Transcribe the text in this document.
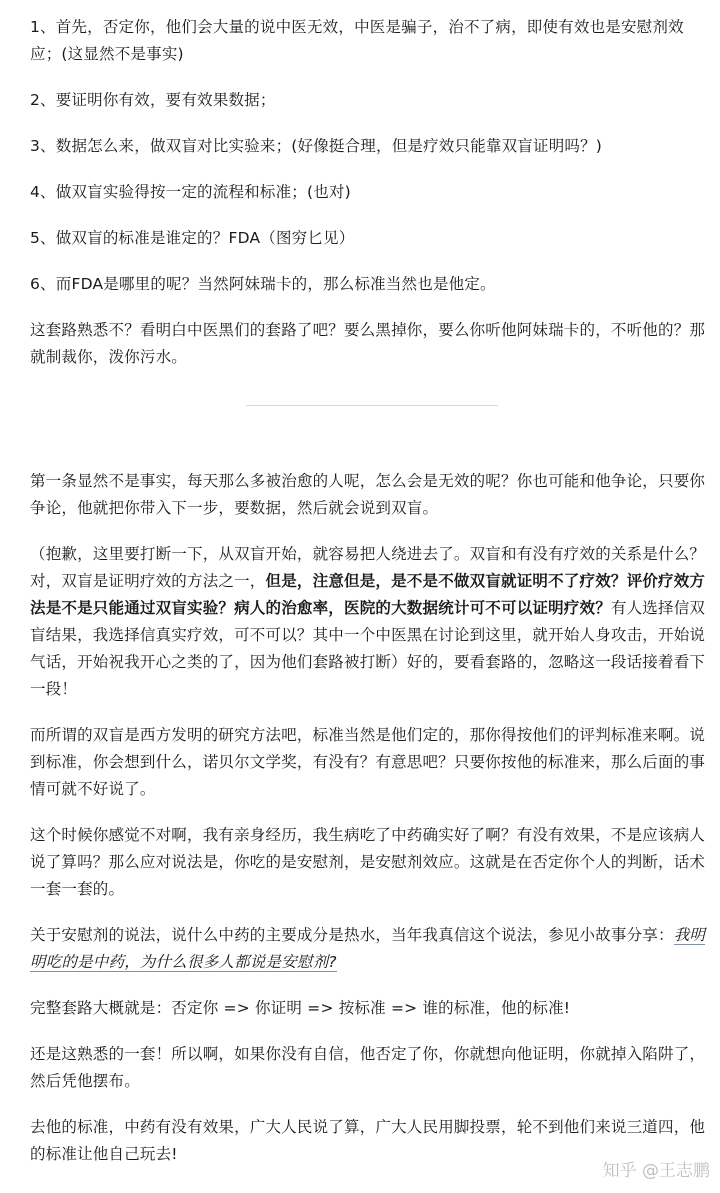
1、首先，否定你，他们会大量的说中医无效，中医是骗子，治不了病，即使有效也是安慰剂效应；(这显然不是事实)

2、要证明你有效，要有效果数据；

3、数据怎么来，做双盲对比实验来；(好像挺合理，但是疗效只能靠双盲证明吗？)

4、做双盲实验得按一定的流程和标准；(也对)

5、做双盲的标准是谁定的？FDA（图穷匕见）

6、而FDA是哪里的呢？当然阿妹瑞卡的，那么标准当然也是他定。

这套路熟悉不？看明白中医黑们的套路了吧？要么黑掉你，要么你听他阿妹瑞卡的，不听他的？那就制裁你，泼你污水。

第一条显然不是事实，每天那么多被治愈的人呢，怎么会是无效的呢？你也可能和他争论，只要你争论，他就把你带入下一步，要数据，然后就会说到双盲。

（抱歉，这里要打断一下，从双盲开始，就容易把人绕进去了。双盲和有没有疗效的关系是什么？对，双盲是证明疗效的方法之一，但是，注意但是，是不是不做双盲就证明不了疗效？评价疗效方法是不是只能通过双盲实验？病人的治愈率，医院的大数据统计可不可以证明疗效？有人选择信双盲结果，我选择信真实疗效，可不可以？其中一个中医黑在讨论到这里，就开始人身攻击，开始说气话，开始祝我开心之类的了，因为他们套路被打断）好的，要看套路的，忽略这一段话接着看下一段！

而所谓的双盲是西方发明的研究方法吧，标准当然是他们定的，那你得按他们的评判标准来啊。说到标准，你会想到什么，诺贝尔文学奖，有没有？有意思吧？只要你按他的标准来，那么后面的事情可就不好说了。

这个时候你感觉不对啊，我有亲身经历，我生病吃了中药确实好了啊？有没有效果，不是应该病人说了算吗？那么应对说法是，你吃的是安慰剂，是安慰剂效应。这就是在否定你个人的判断，话术一套一套的。

关于安慰剂的说法，说什么中药的主要成分是热水，当年我真信这个说法，参见小故事分享：我明明吃的是中药，为什么很多人都说是安慰剂?

完整套路大概就是：否定你 => 你证明 => 按标准 => 谁的标准，他的标准!

还是这熟悉的一套！所以啊，如果你没有自信，他否定了你，你就想向他证明，你就掉入陷阱了，然后凭他摆布。

去他的标准，中药有没有效果，广大人民说了算，广大人民用脚投票，轮不到他们来说三道四，他的标准让他自己玩去!

知乎 @王志鹏
